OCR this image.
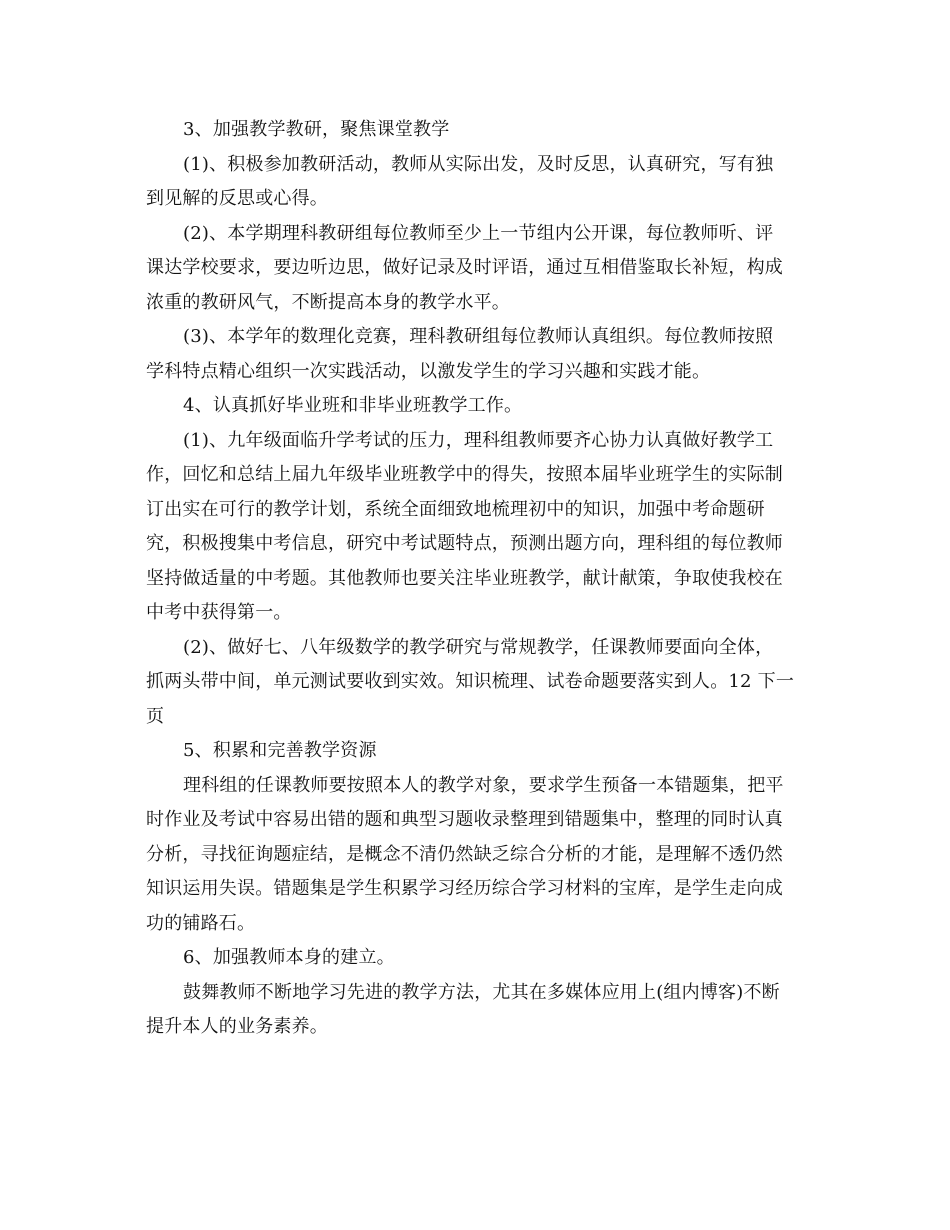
3、加强教学教研，聚焦课堂教学
(1)、积极参加教研活动，教师从实际出发，及时反思，认真研究，写有独
到见解的反思或心得。
(2)、本学期理科教研组每位教师至少上一节组内公开课，每位教师听、评
课达学校要求，要边听边思，做好记录及时评语，通过互相借鉴取长补短，构成
浓重的教研风气，不断提高本身的教学水平。
(3)、本学年的数理化竞赛，理科教研组每位教师认真组织。每位教师按照
学科特点精心组织一次实践活动，以激发学生的学习兴趣和实践才能。
4、认真抓好毕业班和非毕业班教学工作。
(1)、九年级面临升学考试的压力，理科组教师要齐心协力认真做好教学工
作，回忆和总结上届九年级毕业班教学中的得失，按照本届毕业班学生的实际制
订出实在可行的教学计划，系统全面细致地梳理初中的知识，加强中考命题研
究，积极搜集中考信息，研究中考试题特点，预测出题方向，理科组的每位教师
坚持做适量的中考题。其他教师也要关注毕业班教学，献计献策，争取使我校在
中考中获得第一。
(2)、做好七、八年级数学的教学研究与常规教学，任课教师要面向全体，
抓两头带中间，单元测试要收到实效。知识梳理、试卷命题要落实到人。12 下一
页
5、积累和完善教学资源
理科组的任课教师要按照本人的教学对象，要求学生预备一本错题集，把平
时作业及考试中容易出错的题和典型习题收录整理到错题集中，整理的同时认真
分析，寻找征询题症结，是概念不清仍然缺乏综合分析的才能，是理解不透仍然
知识运用失误。错题集是学生积累学习经历综合学习材料的宝库，是学生走向成
功的铺路石。
6、加强教师本身的建立。
鼓舞教师不断地学习先进的教学方法，尤其在多媒体应用上(组内博客)不断
提升本人的业务素养。
